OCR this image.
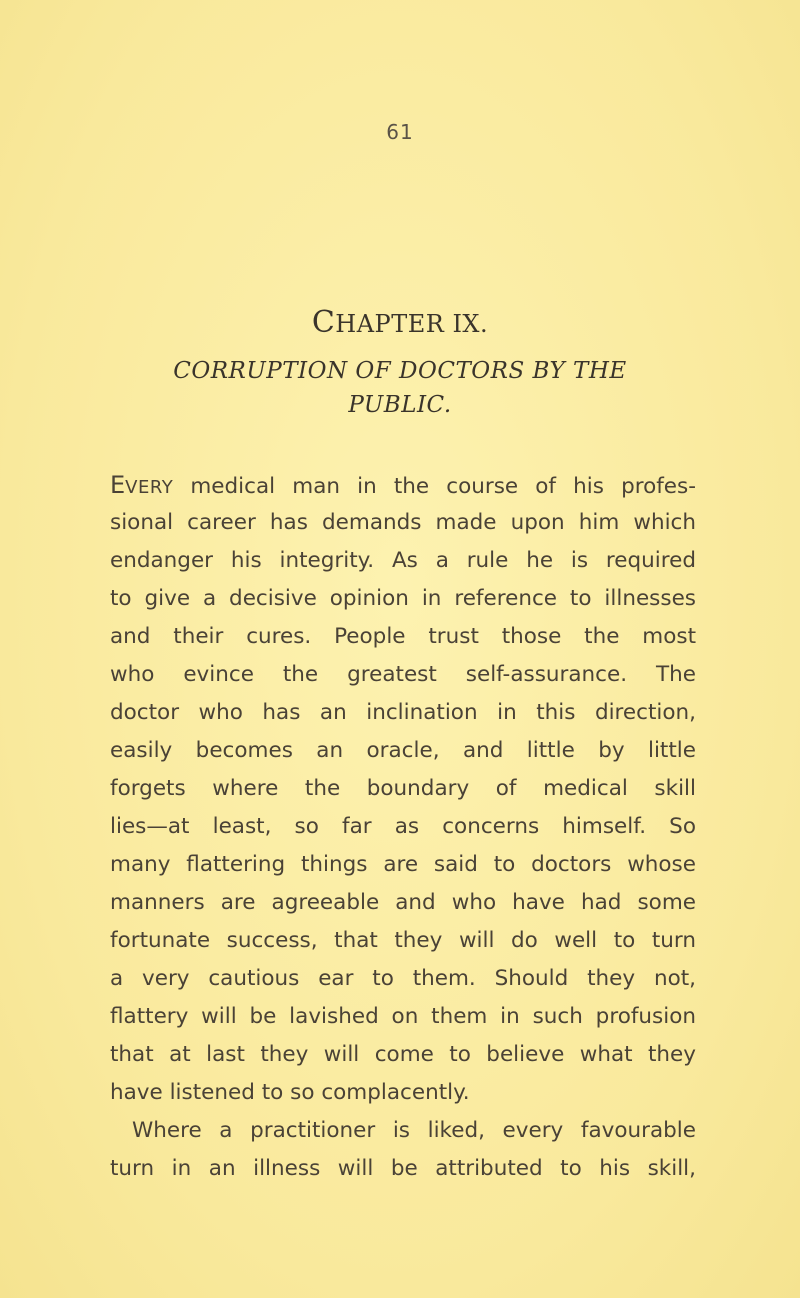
61
CHAPTER IX.
CORRUPTION OF DOCTORS BY THE
PUBLIC.
EVERY medical man in the course of his profes-
sional career has demands made upon him which
endanger his integrity. As a rule he is required
to give a decisive opinion in reference to illnesses
and their cures. People trust those the most
who evince the greatest self-assurance. The
doctor who has an inclination in this direction,
easily becomes an oracle, and little by little
forgets where the boundary of medical skill
lies—at least, so far as concerns himself. So
many flattering things are said to doctors whose
manners are agreeable and who have had some
fortunate success, that they will do well to turn
a very cautious ear to them. Should they not,
flattery will be lavished on them in such profusion
that at last they will come to believe what they
have listened to so complacently.
Where a practitioner is liked, every favourable
turn in an illness will be attributed to his skill,
